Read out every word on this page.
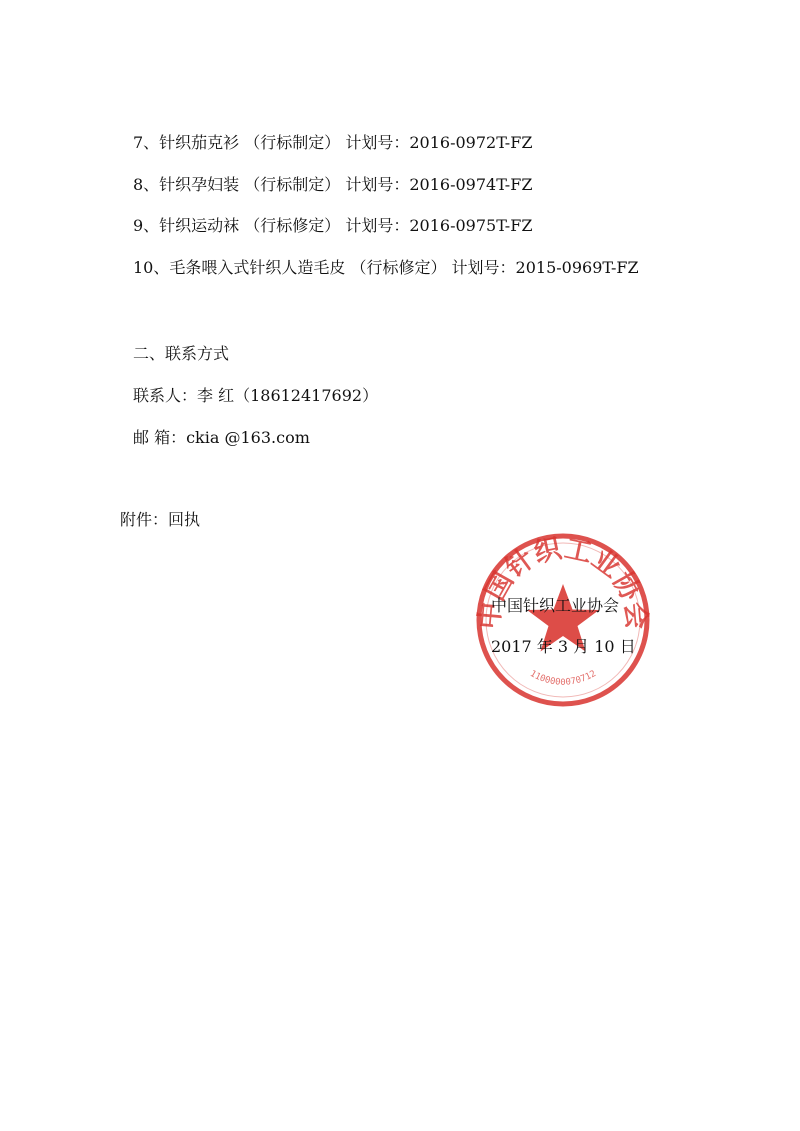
7、针织茄克衫 （行标制定） 计划号：2016-0972T-FZ
8、针织孕妇装 （行标制定） 计划号：2016-0974T-FZ
9、针织运动袜 （行标修定） 计划号：2016-0975T-FZ
10、毛条喂入式针织人造毛皮 （行标修定） 计划号：2015-0969T-FZ
二、联系方式
联系人：李 红（18612417692）
邮 箱：ckia @163.com
附件：回执
中国针织工业协会
1100000070712
中国针织工业协会
2017 年 3 月 10 日
